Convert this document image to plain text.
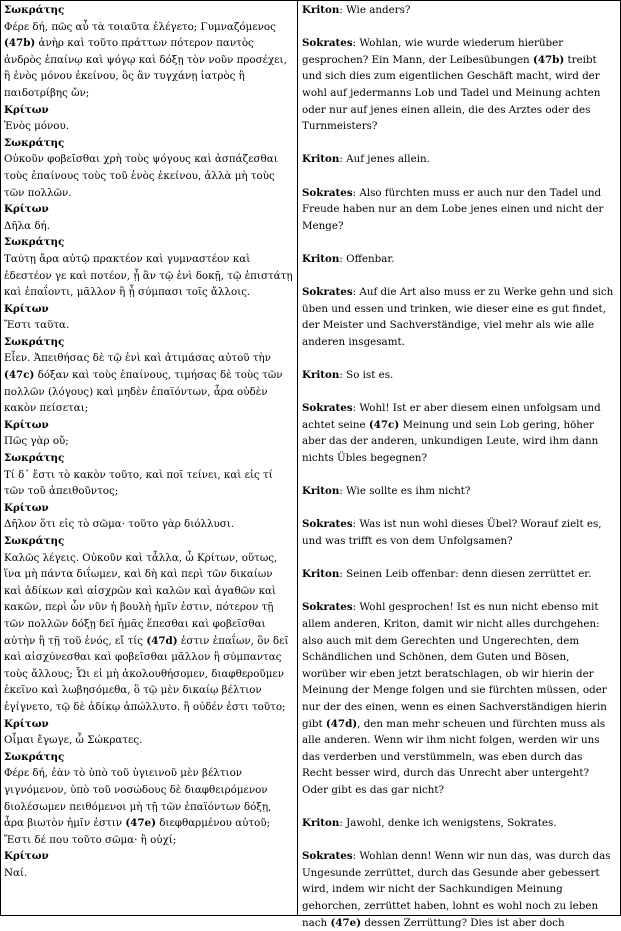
Σωκράτης
Φέρε δή, πῶς αὖ τὰ τοιαῦτα ἐλέγετο; Γυμναζόμενος (47b) ἀνὴρ καὶ τοῦτο πράττων πότερον παντὸς ἀνδρὸς ἐπαίνῳ καὶ ψόγῳ καὶ δόξῃ τὸν νοῦν προσέχει, ἢ ἑνὸς μόνου ἐκείνου, ὃς ἂν τυγχάνῃ ἰατρὸς ἢ παιδοτρίβης ὤν;
Κρίτων
Ἑνὸς μόνου.
Σωκράτης
Οὐκοῦν φοβεῖσθαι χρὴ τοὺς ψόγους καὶ ἀσπάζεσθαι τοὺς ἐπαίνους τοὺς τοῦ ἑνὸς ἐκείνου, ἀλλὰ μὴ τοὺς τῶν πολλῶν.
Κρίτων
Δῆλα δή.
Σωκράτης
Ταύτῃ ἄρα αὐτῷ πρακτέον καὶ γυμναστέον καὶ ἐδεστέον γε καὶ ποτέον, ᾗ ἂν τῷ ἑνὶ δοκῇ, τῷ ἐπιστάτῃ καὶ ἐπαΐοντι, μᾶλλον ἢ ᾗ σύμπασι τοῖς ἄλλοις.
Κρίτων
Ἔστι ταῦτα.
Σωκράτης
Εἶεν. Ἀπειθήσας δὲ τῷ ἑνὶ καὶ ἀτιμάσας αὐτοῦ τὴν (47c) δόξαν καὶ τοὺς ἐπαίνους, τιμήσας δὲ τοὺς τῶν πολλῶν (λόγους) καὶ μηδὲν ἐπαϊόντων, ἆρα οὐδὲν κακὸν πείσεται;
Κρίτων
Πῶς γὰρ οὔ;
Σωκράτης
Τί δ᾽ ἔστι τὸ κακὸν τοῦτο, καὶ ποῖ τείνει, καὶ εἰς τί τῶν τοῦ ἀπειθοῦντος;
Κρίτων
Δῆλον ὅτι εἰς τὸ σῶμα· τοῦτο γὰρ διόλλυσι.
Σωκράτης
Καλῶς λέγεις. Οὐκοῦν καὶ τἆλλα, ὦ Κρίτων, οὕτως, ἵνα μὴ πάντα διΐωμεν, καὶ δὴ καὶ περὶ τῶν δικαίων καὶ ἀδίκων καὶ αἰσχρῶν καὶ καλῶν καὶ ἀγαθῶν καὶ κακῶν, περὶ ὧν νῦν ἡ βουλὴ ἡμῖν ἐστιν, πότερον τῇ τῶν πολλῶν δόξῃ δεῖ ἡμᾶς ἕπεσθαι καὶ φοβεῖσθαι αὐτὴν ἢ τῇ τοῦ ἑνός, εἴ τίς (47d) ἐστιν ἐπαΐων, ὃν δεῖ καὶ αἰσχύνεσθαι καὶ φοβεῖσθαι μᾶλλον ἢ σύμπαντας τοὺς ἄλλους; Ὧι εἰ μὴ ἀκολουθήσομεν, διαφθεροῦμεν ἐκεῖνο καὶ λωβησόμεθα, ὃ τῷ μὲν δικαίῳ βέλτιον ἐγίγνετο, τῷ δὲ ἀδίκῳ ἀπώλλυτο. ἢ οὐδέν ἐστι τοῦτο;
Κρίτων
Οἶμαι ἔγωγε, ὦ Σώκρατες.
Σωκράτης
Φέρε δή, ἐὰν τὸ ὑπὸ τοῦ ὑγιεινοῦ μὲν βέλτιον γιγνόμενον, ὑπὸ τοῦ νοσώδους δὲ διαφθειρόμενον διολέσωμεν πειθόμενοι μὴ τῇ τῶν ἐπαϊόντων δόξῃ, ἆρα βιωτὸν ἡμῖν ἐστιν (47e) διεφθαρμένου αὐτοῦ; Ἔστι δέ που τοῦτο σῶμα· ἢ οὐχί;
Κρίτων
Ναί.
Kriton: Wie anders?
Sokrates: Wohlan, wie wurde wiederum hierüber gesprochen? Ein Mann, der Leibesübungen (47b) treibt und sich dies zum eigentlichen Geschäft macht, wird der wohl auf jedermanns Lob und Tadel und Meinung achten oder nur auf jenes einen allein, die des Arztes oder des Turnmeisters?
Kriton: Auf jenes allein.
Sokrates: Also fürchten muss er auch nur den Tadel und Freude haben nur an dem Lobe jenes einen und nicht der Menge?
Kriton: Offenbar.
Sokrates: Auf die Art also muss er zu Werke gehn und sich üben und essen und trinken, wie dieser eine es gut findet, der Meister und Sachverständige, viel mehr als wie alle anderen insgesamt.
Kriton: So ist es.
Sokrates: Wohl! Ist er aber diesem einen unfolgsam und achtet seine (47c) Meinung und sein Lob gering, höher aber das der anderen, unkundigen Leute, wird ihm dann nichts Übles begegnen?
Kriton: Wie sollte es ihm nicht?
Sokrates: Was ist nun wohl dieses Übel? Worauf zielt es, und was trifft es von dem Unfolgsamen?
Kriton: Seinen Leib offenbar: denn diesen zerrüttet er.
Sokrates: Wohl gesprochen! Ist es nun nicht ebenso mit allem anderen, Kriton, damit wir nicht alles durchgehen: also auch mit dem Gerechten und Ungerechten, dem Schändlichen und Schönen, dem Guten und Bösen, worüber wir eben jetzt beratschlagen, ob wir hierin der Meinung der Menge folgen und sie fürchten müssen, oder nur der des einen, wenn es einen Sachverständigen hierin gibt (47d), den man mehr scheuen und fürchten muss als alle anderen. Wenn wir ihm nicht folgen, werden wir uns das verderben und verstümmeln, was eben durch das Recht besser wird, durch das Unrecht aber untergeht? Oder gibt es das gar nicht?
Kriton: Jawohl, denke ich wenigstens, Sokrates.
Sokrates: Wohlan denn! Wenn wir nun das, was durch das Ungesunde zerrüttet, durch das Gesunde aber gebessert wird, indem wir nicht der Sachkundigen Meinung gehorchen, zerrüttet haben, lohnt es wohl noch zu leben nach (47e) dessen Zerrüttung? Dies ist aber doch
